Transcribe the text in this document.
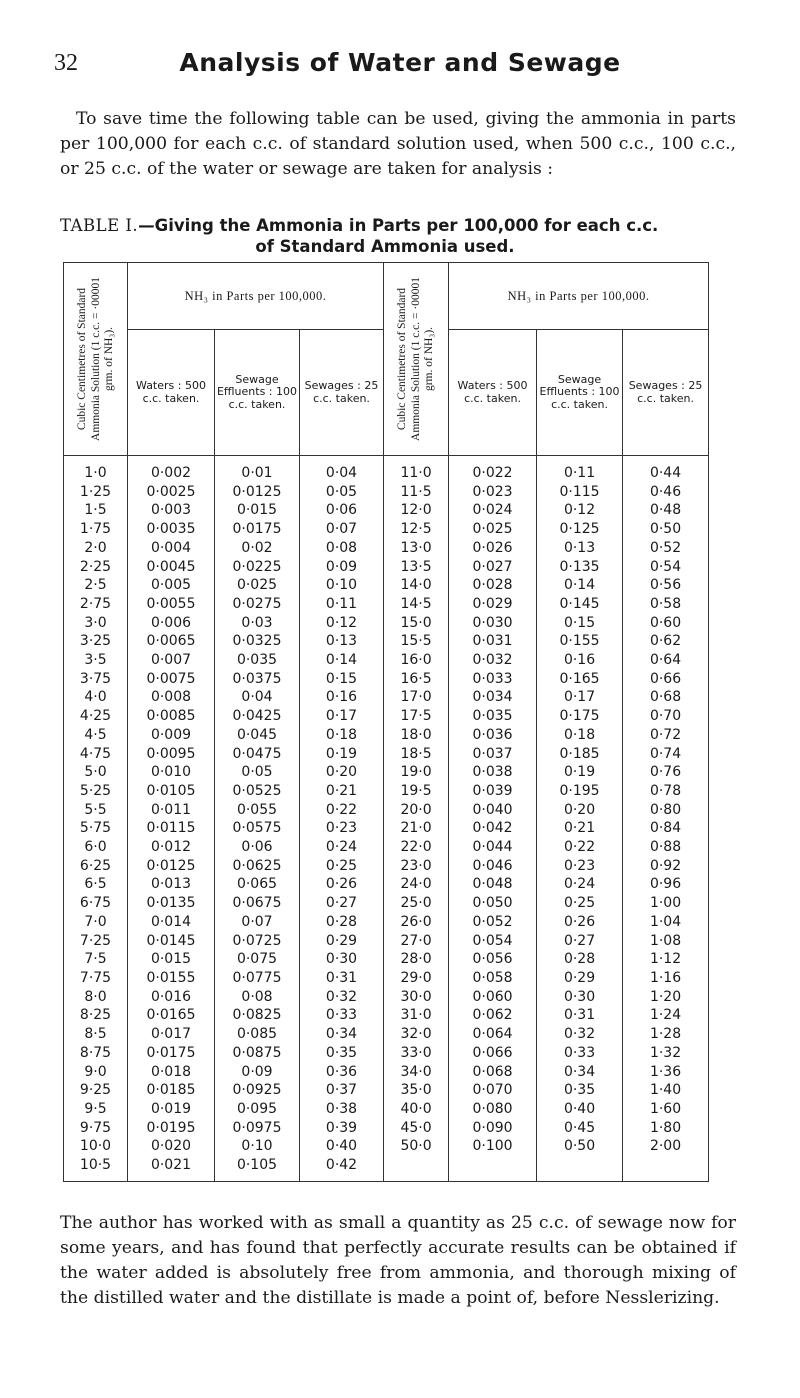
32	Analysis of Water and Sewage

To save time the following table can be used, giving the ammonia in parts per 100,000 for each c.c. of standard solution used, when 500 c.c., 100 c.c., or 25 c.c. of the water or sewage are taken for analysis :

TABLE I.—Giving the Ammonia in Parts per 100,000 for each c.c.
of Standard Ammonia used.
Cubic Centimetres of Standard Ammonia Solution (1 c.c. = ·00001 grm. of NH₃).	NH₃ in Parts per 100,000.			Cubic Centimetres of Standard Ammonia Solution (1 c.c. = ·00001 grm. of NH₃).	NH₃ in Parts per 100,000.		
	Waters : 500 c.c. taken.	Sewage Effluents : 100 c.c. taken.	Sewages : 25 c.c. taken.		Waters : 500 c.c. taken.	Sewage Effluents : 100 c.c. taken.	Sewages : 25 c.c. taken.
1·0	0·002	0·01	0·04	11·0	0·022	0·11	0·44
1·25	0·0025	0·0125	0·05	11·5	0·023	0·115	0·46
1·5	0·003	0·015	0·06	12·0	0·024	0·12	0·48
1·75	0·0035	0·0175	0·07	12·5	0·025	0·125	0·50
2·0	0·004	0·02	0·08	13·0	0·026	0·13	0·52
2·25	0·0045	0·0225	0·09	13·5	0·027	0·135	0·54
2·5	0·005	0·025	0·10	14·0	0·028	0·14	0·56
2·75	0·0055	0·0275	0·11	14·5	0·029	0·145	0·58
3·0	0·006	0·03	0·12	15·0	0·030	0·15	0·60
3·25	0·0065	0·0325	0·13	15·5	0·031	0·155	0·62
3·5	0·007	0·035	0·14	16·0	0·032	0·16	0·64
3·75	0·0075	0·0375	0·15	16·5	0·033	0·165	0·66
4·0	0·008	0·04	0·16	17·0	0·034	0·17	0·68
4·25	0·0085	0·0425	0·17	17·5	0·035	0·175	0·70
4·5	0·009	0·045	0·18	18·0	0·036	0·18	0·72
4·75	0·0095	0·0475	0·19	18·5	0·037	0·185	0·74
5·0	0·010	0·05	0·20	19·0	0·038	0·19	0·76
5·25	0·0105	0·0525	0·21	19·5	0·039	0·195	0·78
5·5	0·011	0·055	0·22	20·0	0·040	0·20	0·80
5·75	0·0115	0·0575	0·23	21·0	0·042	0·21	0·84
6·0	0·012	0·06	0·24	22·0	0·044	0·22	0·88
6·25	0·0125	0·0625	0·25	23·0	0·046	0·23	0·92
6·5	0·013	0·065	0·26	24·0	0·048	0·24	0·96
6·75	0·0135	0·0675	0·27	25·0	0·050	0·25	1·00
7·0	0·014	0·07	0·28	26·0	0·052	0·26	1·04
7·25	0·0145	0·0725	0·29	27·0	0·054	0·27	1·08
7·5	0·015	0·075	0·30	28·0	0·056	0·28	1·12
7·75	0·0155	0·0775	0·31	29·0	0·058	0·29	1·16
8·0	0·016	0·08	0·32	30·0	0·060	0·30	1·20
8·25	0·0165	0·0825	0·33	31·0	0·062	0·31	1·24
8·5	0·017	0·085	0·34	32·0	0·064	0·32	1·28
8·75	0·0175	0·0875	0·35	33·0	0·066	0·33	1·32
9·0	0·018	0·09	0·36	34·0	0·068	0·34	1·36
9·25	0·0185	0·0925	0·37	35·0	0·070	0·35	1·40
9·5	0·019	0·095	0·38	40·0	0·080	0·40	1·60
9·75	0·0195	0·0975	0·39	45·0	0·090	0·45	1·80
10·0	0·020	0·10	0·40	50·0	0·100	0·50	2·00
10·5	0·021	0·105	0·42				

The author has worked with as small a quantity as 25 c.c. of sewage now for some years, and has found that perfectly accurate results can be obtained if the water added is absolutely free from ammonia, and thorough mixing of the distilled water and the distillate is made a point of, before Nesslerizing.
